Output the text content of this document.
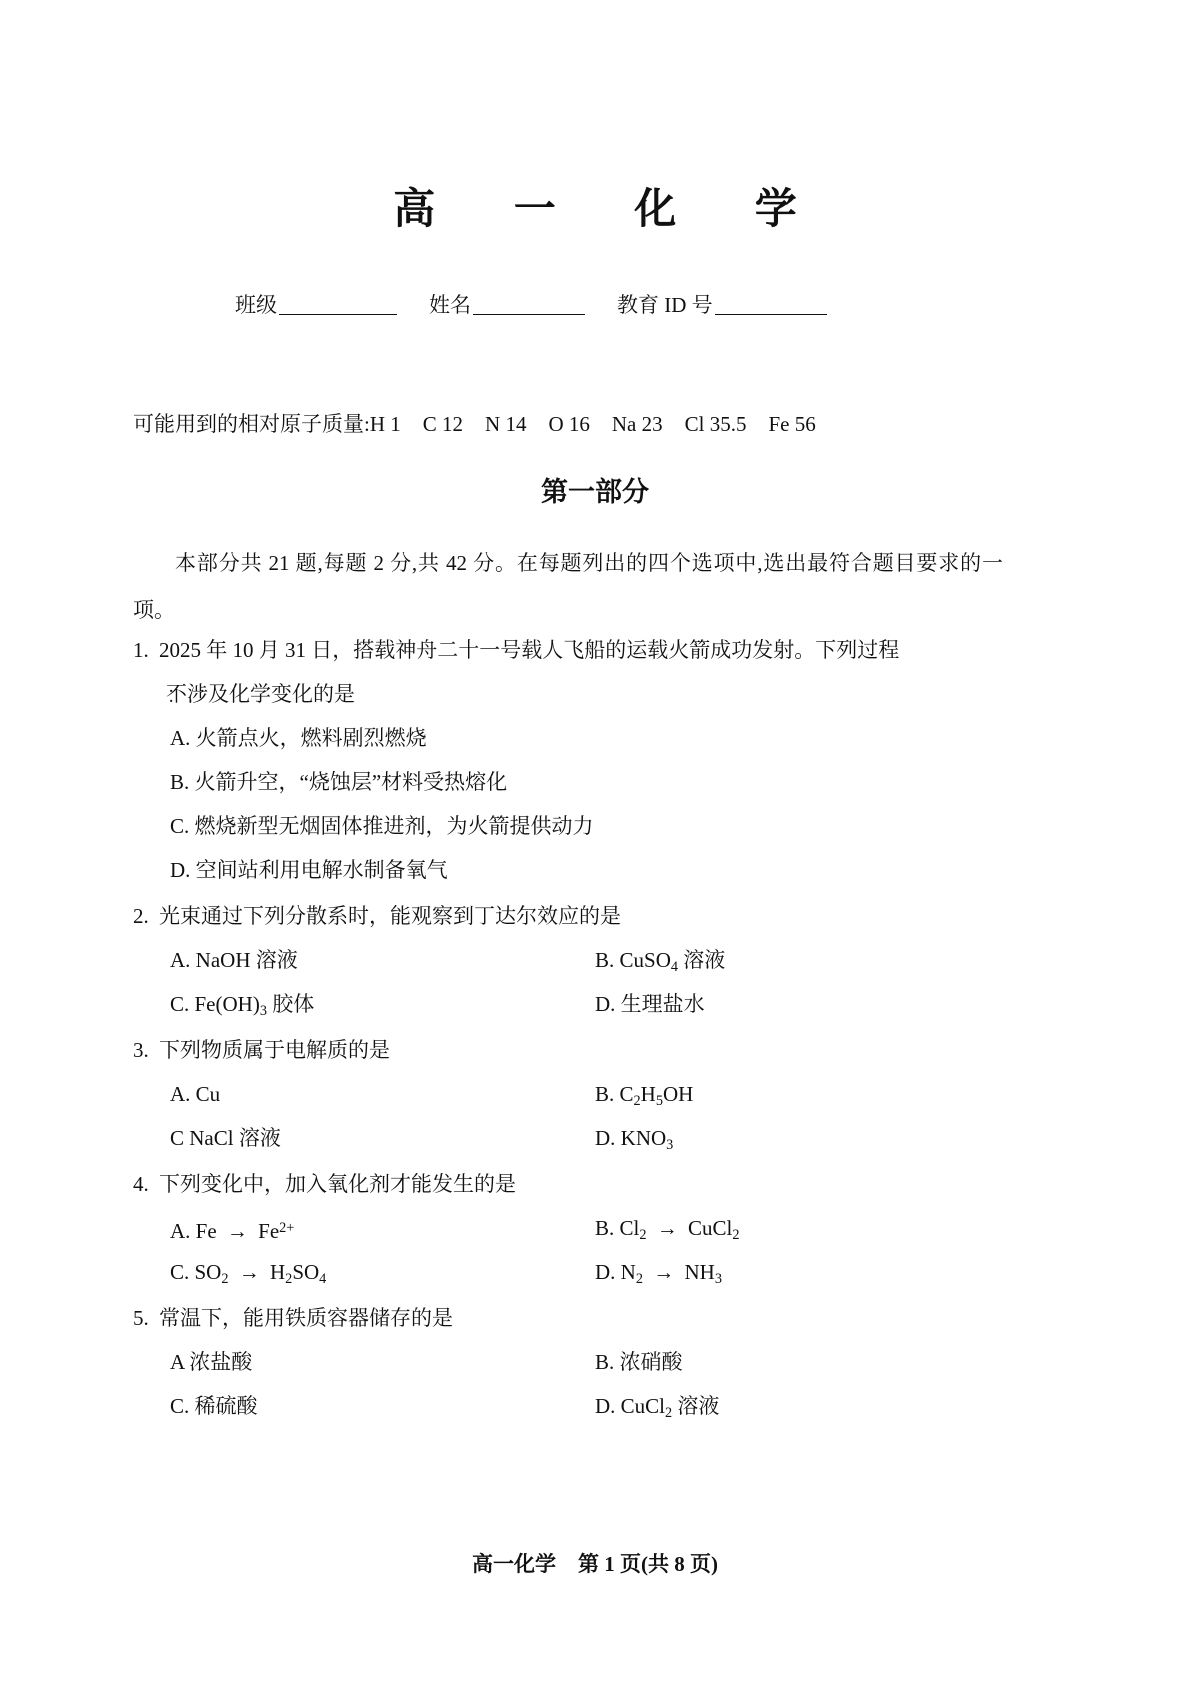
高 一 化 学
班级	姓名	教育 ID 号
可能用到的相对原子质量:H 1 C 12 N 14 O 16 Na 23 Cl 35.5 Fe 56
第一部分
本部分共 21 题,每题 2 分,共 42 分。在每题列出的四个选项中,选出最符合题目要求的一项。
1. 2025 年 10 月 31 日，搭载神舟二十一号载人飞船的运载火箭成功发射。下列过程
不涉及 · · ·化学变化的是
A. 火箭点火，燃料剧烈燃烧
B. 火箭升空，“烧蚀层”材料受热熔化
C. 燃烧新型无烟固体推进剂，为火箭提供动力
D. 空间站利用电解水制备氧气
2. 光束通过下列分散系时，能观察到丁达尔效应的是
A. NaOH 溶液	B. CuSO$_4$ 溶液
C. $Fe(OH)_3$ 胶体	D. 生理盐水
3. 下列物质属于电解质的是
A. Cu	B. $C_2H_5OH$
C NaCl 溶液	D. $KNO_3$
4. 下列变化中，加入氧化剂才能发生的是
A. $Fe \to Fe^{2+}$	B. $Cl_2$ → CuCl$_2$
C. $SO_2 \to H_2SO_4$	D. $N_2 \to NH_3$
5. 常温下，能用铁质容器储存的是
A 浓盐酸	B. 浓硝酸
C. 稀硫酸	D. CuCl$_2$ 溶液
高一化学 第 1 页(共 8 页)
